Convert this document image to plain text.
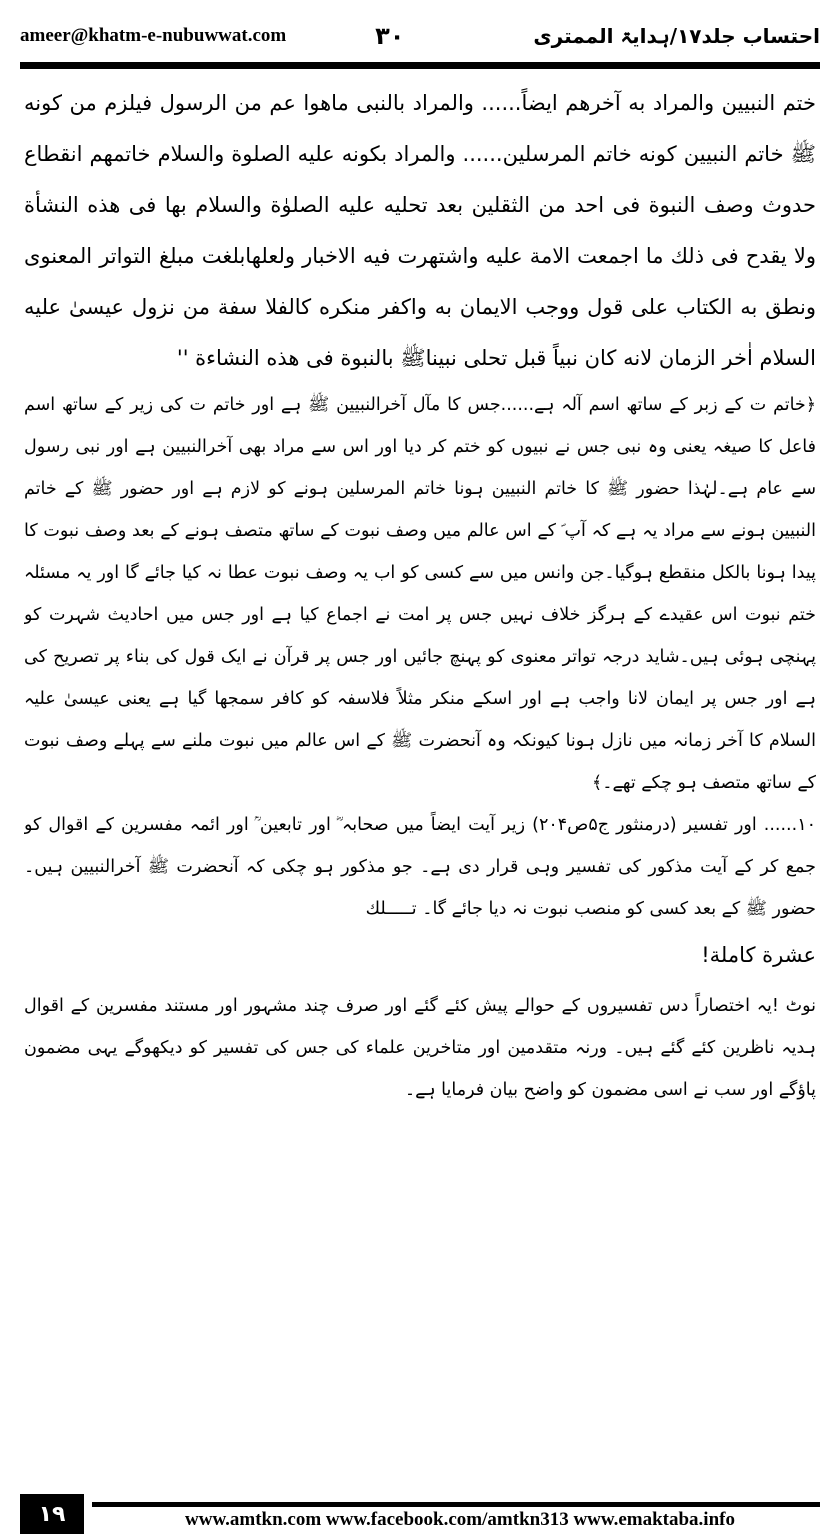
ameer@khatm-e-nubuwwat.com	۳۰	احتساب جلد۱۷/ہدایۃ الممتری

ختم النبیین والمراد به آخرهم ایضاً...... والمراد بالنبی ماهوا عم من الرسول فیلزم من کونه ﷺ خاتم النبیین کونه خاتم المرسلین...... والمراد بکونه علیه الصلوة والسلام خاتمهم انقطاع حدوث وصف النبوة فی احد من الثقلین بعد تحلیه علیه الصلوٰة والسلام بها فی هذه النشأة ولا یقدح فی ذلك ما اجمعت الامة علیه واشتهرت فیه الاخبار ولعلهابلغت مبلغ التواتر المعنوی ونطق به الکتاب علی قول ووجب الایمان به واکفر منکره کالفلا سفة من نزول عیسیٰ علیه السلام اٰخر الزمان لانه کان نبیاً قبل تحلی نبیناﷺ بالنبوة فی هذه النشاءة ''

﴿خاتم ت کے زبر کے ساتھ اسم آلہ ہے......جس کا مآل آخرالنبیین ﷺ ہے اور خاتم ت کی زیر کے ساتھ اسم فاعل کا صیغہ یعنی وہ نبی جس نے نبیوں کو ختم کر دیا اور اس سے مراد بھی آخرالنبیین ہے اور نبی رسول سے عام ہے۔لہٰذا حضور ﷺ کا خاتم النبیین ہونا خاتم المرسلین ہونے کو لازم ہے اور حضور ﷺ کے خاتم النبیین ہونے سے مراد یہ ہے کہ آپ ؐ کے اس عالم میں وصف نبوت کے ساتھ متصف ہونے کے بعد وصف نبوت کا پیدا ہونا بالکل منقطع ہوگیا۔جن وانس میں سے کسی کو اب یہ وصف نبوت عطا نہ کیا جائے گا اور یہ مسئلہ ختم نبوت اس عقیدے کے ہرگز خلاف نہیں جس پر امت نے اجماع کیا ہے اور جس میں احادیث شہرت کو پہنچی ہوئی ہیں۔شاید درجہ تواتر معنوی کو پہنچ جائیں اور جس پر قرآن نے ایک قول کی بناء پر تصریح کی ہے اور جس پر ایمان لانا واجب ہے اور اسکے منکر مثلاً فلاسفہ کو کافر سمجھا گیا ہے یعنی عیسیٰ علیہ السلام کا آخر زمانہ میں نازل ہونا کیونکہ وہ آنحضرت ﷺ کے اس عالم میں نبوت ملنے سے پہلے وصف نبوت کے ساتھ متصف ہو چکے تھے۔﴾

۱۰...... اور تفسیر (درمنثور ج۵ص۲۰۴) زیر آیت ایضاً میں صحابہ ؓ اور تابعین ؒ اور ائمہ مفسرین کے اقوال کو جمع کر کے آیت مذکور کی تفسیر وہی قرار دی ہے۔ جو مذکور ہو چکی کہ آنحضرت ﷺ آخرالنبیین ہیں۔حضور ﷺ کے بعد کسی کو منصب نبوت نہ دیا جائے گا۔ تـــــلك

عشرة كاملة!

نوٹ !یہ اختصاراً دس تفسیروں کے حوالے پیش کئے گئے اور صرف چند مشہور اور مستند مفسرین کے اقوال ہدیہ ناظرین کئے گئے ہیں۔ ورنہ متقدمین اور متاخرین علماء کی جس کی تفسیر کو دیکھوگے یہی مضمون پاؤگے اور سب نے اسی مضمون کو واضح بیان فرمایا ہے۔

۱۹	www.amtkn.com www.facebook.com/amtkn313 www.emaktaba.info
